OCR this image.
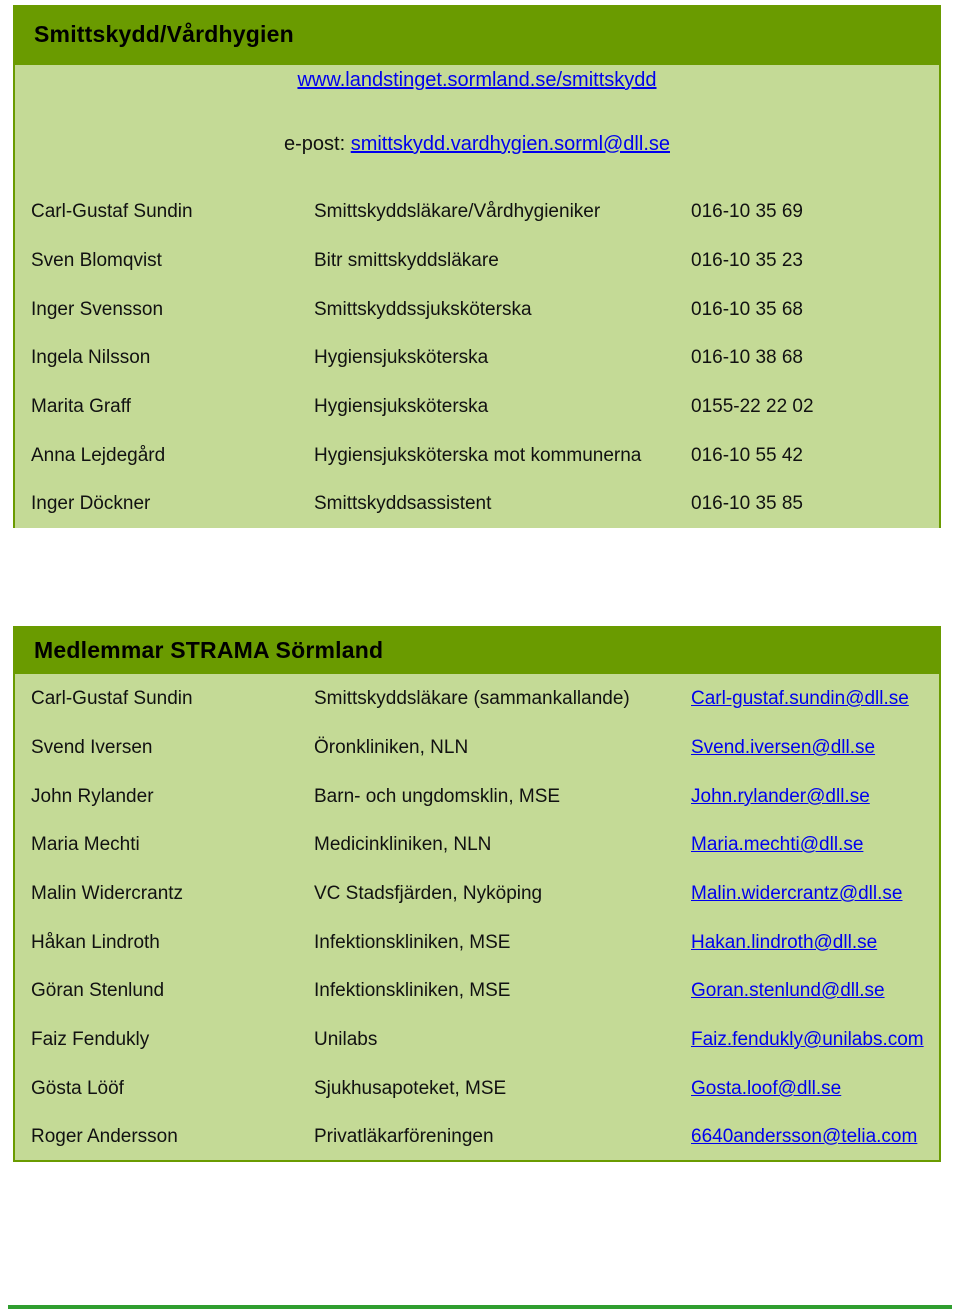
Smittskydd/Vårdhygien
www.landstinget.sormland.se/smittskydd
e-post: smittskydd.vardhygien.sorml@dll.se
Carl-Gustaf Sundin	Smittskyddsläkare/Vårdhygieniker	016-10 35 69
Sven Blomqvist	Bitr smittskyddsläkare	016-10 35 23
Inger Svensson	Smittskyddssjuksköterska	016-10 35 68
Ingela Nilsson	Hygiensjuksköterska	016-10 38 68
Marita Graff	Hygiensjuksköterska	0155-22 22 02
Anna Lejdegård	Hygiensjuksköterska mot kommunerna	016-10 55 42
Inger Döckner	Smittskyddsassistent	016-10 35 85
Medlemmar STRAMA Sörmland
Carl-Gustaf Sundin	Smittskyddsläkare (sammankallande)	Carl-gustaf.sundin@dll.se
Svend Iversen	Öronkliniken, NLN	Svend.iversen@dll.se
John Rylander	Barn- och ungdomsklin, MSE	John.rylander@dll.se
Maria Mechti	Medicinkliniken, NLN	Maria.mechti@dll.se
Malin Widercrantz	VC Stadsfjärden, Nyköping	Malin.widercrantz@dll.se
Håkan Lindroth	Infektionskliniken, MSE	Hakan.lindroth@dll.se
Göran Stenlund	Infektionskliniken, MSE	Goran.stenlund@dll.se
Faiz Fendukly	Unilabs	Faiz.fendukly@unilabs.com
Gösta Lööf	Sjukhusapoteket, MSE	Gosta.loof@dll.se
Roger Andersson	Privatläkarföreningen	6640andersson@telia.com
